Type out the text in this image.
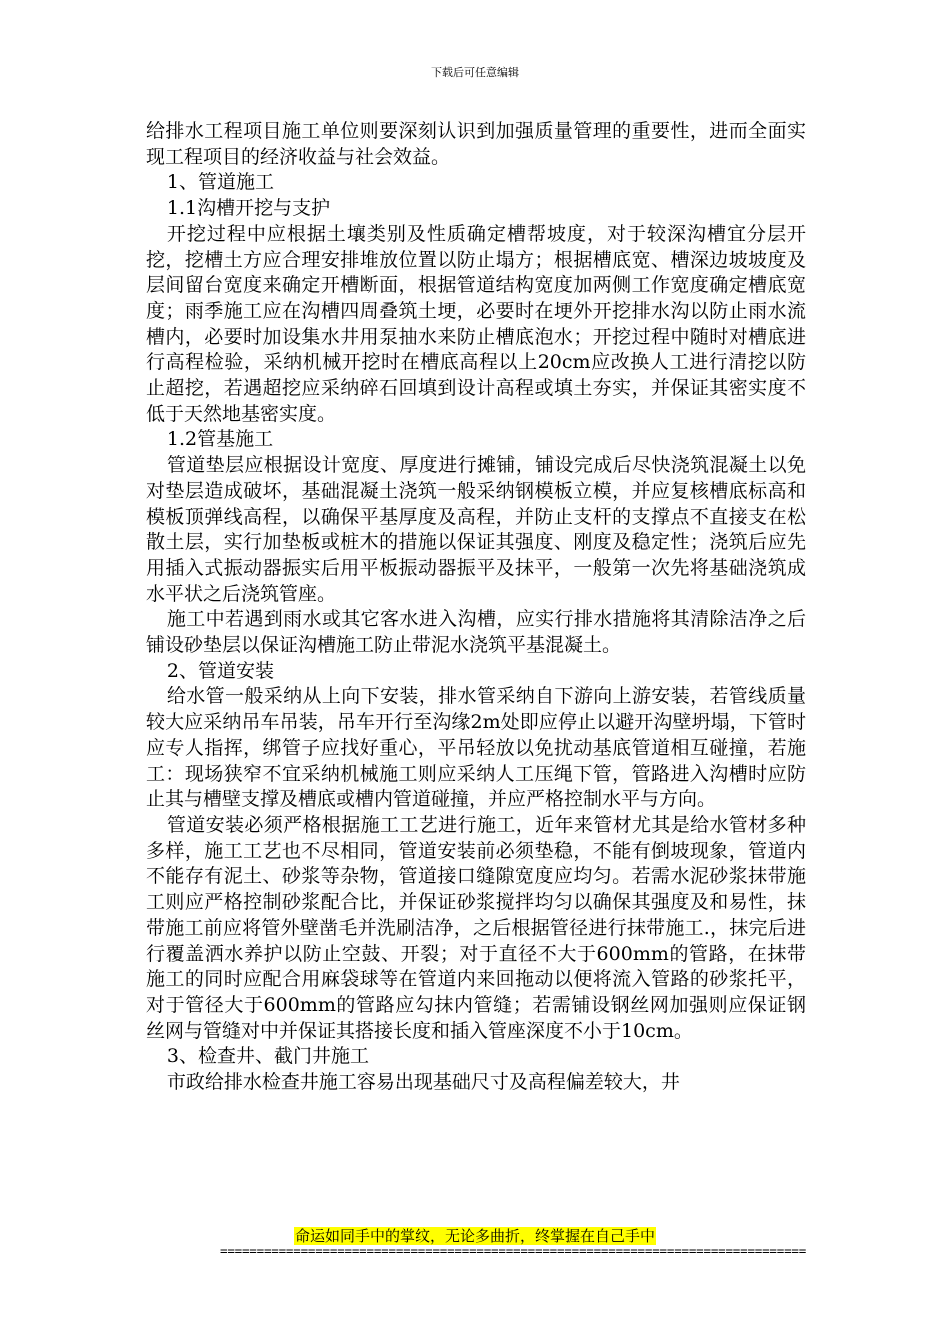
下载后可任意编辑

给排水工程项目施工单位则要深刻认识到加强质量管理的重要性，进而全面实现工程项目的经济收益与社会效益。

1、管道施工

1.1沟槽开挖与支护

开挖过程中应根据土壤类别及性质确定槽帮坡度，对于较深沟槽宜分层开挖，挖槽土方应合理安排堆放位置以防止塌方；根据槽底宽、槽深边坡坡度及层间留台宽度来确定开槽断面，根据管道结构宽度加两侧工作宽度确定槽底宽度；雨季施工应在沟槽四周叠筑土埂，必要时在埂外开挖排水沟以防止雨水流槽内，必要时加设集水井用泵抽水来防止槽底泡水；开挖过程中随时对槽底进行高程检验，采纳机械开挖时在槽底高程以上20cm应改换人工进行清挖以防止超挖，若遇超挖应采纳碎石回填到设计高程或填土夯实，并保证其密实度不低于天然地基密实度。

1.2管基施工

管道垫层应根据设计宽度、厚度进行摊铺，铺设完成后尽快浇筑混凝土以免对垫层造成破坏，基础混凝土浇筑一般采纳钢模板立模，并应复核槽底标高和模板顶弹线高程，以确保平基厚度及高程，并防止支杆的支撑点不直接支在松散土层，实行加垫板或桩木的措施以保证其强度、刚度及稳定性；浇筑后应先用插入式振动器振实后用平板振动器振平及抹平，一般第一次先将基础浇筑成水平状之后浇筑管座。

施工中若遇到雨水或其它客水进入沟槽，应实行排水措施将其清除洁净之后铺设砂垫层以保证沟槽施工防止带泥水浇筑平基混凝土。

2、管道安装

给水管一般采纳从上向下安装，排水管采纳自下游向上游安装，若管线质量较大应采纳吊车吊装，吊车开行至沟缘2m处即应停止以避开沟壁坍塌，下管时应专人指挥，绑管子应找好重心，平吊轻放以免扰动基底管道相互碰撞，若施工：现场狭窄不宜采纳机械施工则应采纳人工压绳下管，管路进入沟槽时应防止其与槽壁支撑及槽底或槽内管道碰撞，并应严格控制水平与方向。

管道安装必须严格根据施工工艺进行施工，近年来管材尤其是给水管材多种多样，施工工艺也不尽相同，管道安装前必须垫稳，不能有倒坡现象，管道内不能存有泥土、砂浆等杂物，管道接口缝隙宽度应均匀。若需水泥砂浆抹带施工则应严格控制砂浆配合比，并保证砂浆搅拌均匀以确保其强度及和易性，抹带施工前应将管外壁凿毛并洗刷洁净，之后根据管径进行抹带施工.，抹完后进行覆盖洒水养护以防止空鼓、开裂；对于直径不大于600mm的管路，在抹带施工的同时应配合用麻袋球等在管道内来回拖动以便将流入管路的砂浆托平，对于管径大于600mm的管路应勾抹内管缝；若需铺设钢丝网加强则应保证钢丝网与管缝对中并保证其搭接长度和插入管座深度不小于10cm。

3、检查井、截门井施工

市政给排水检查井施工容易出现基础尺寸及高程偏差较大，井

命运如同手中的掌纹，无论多曲折，终掌握在自己手中
================================================================================
